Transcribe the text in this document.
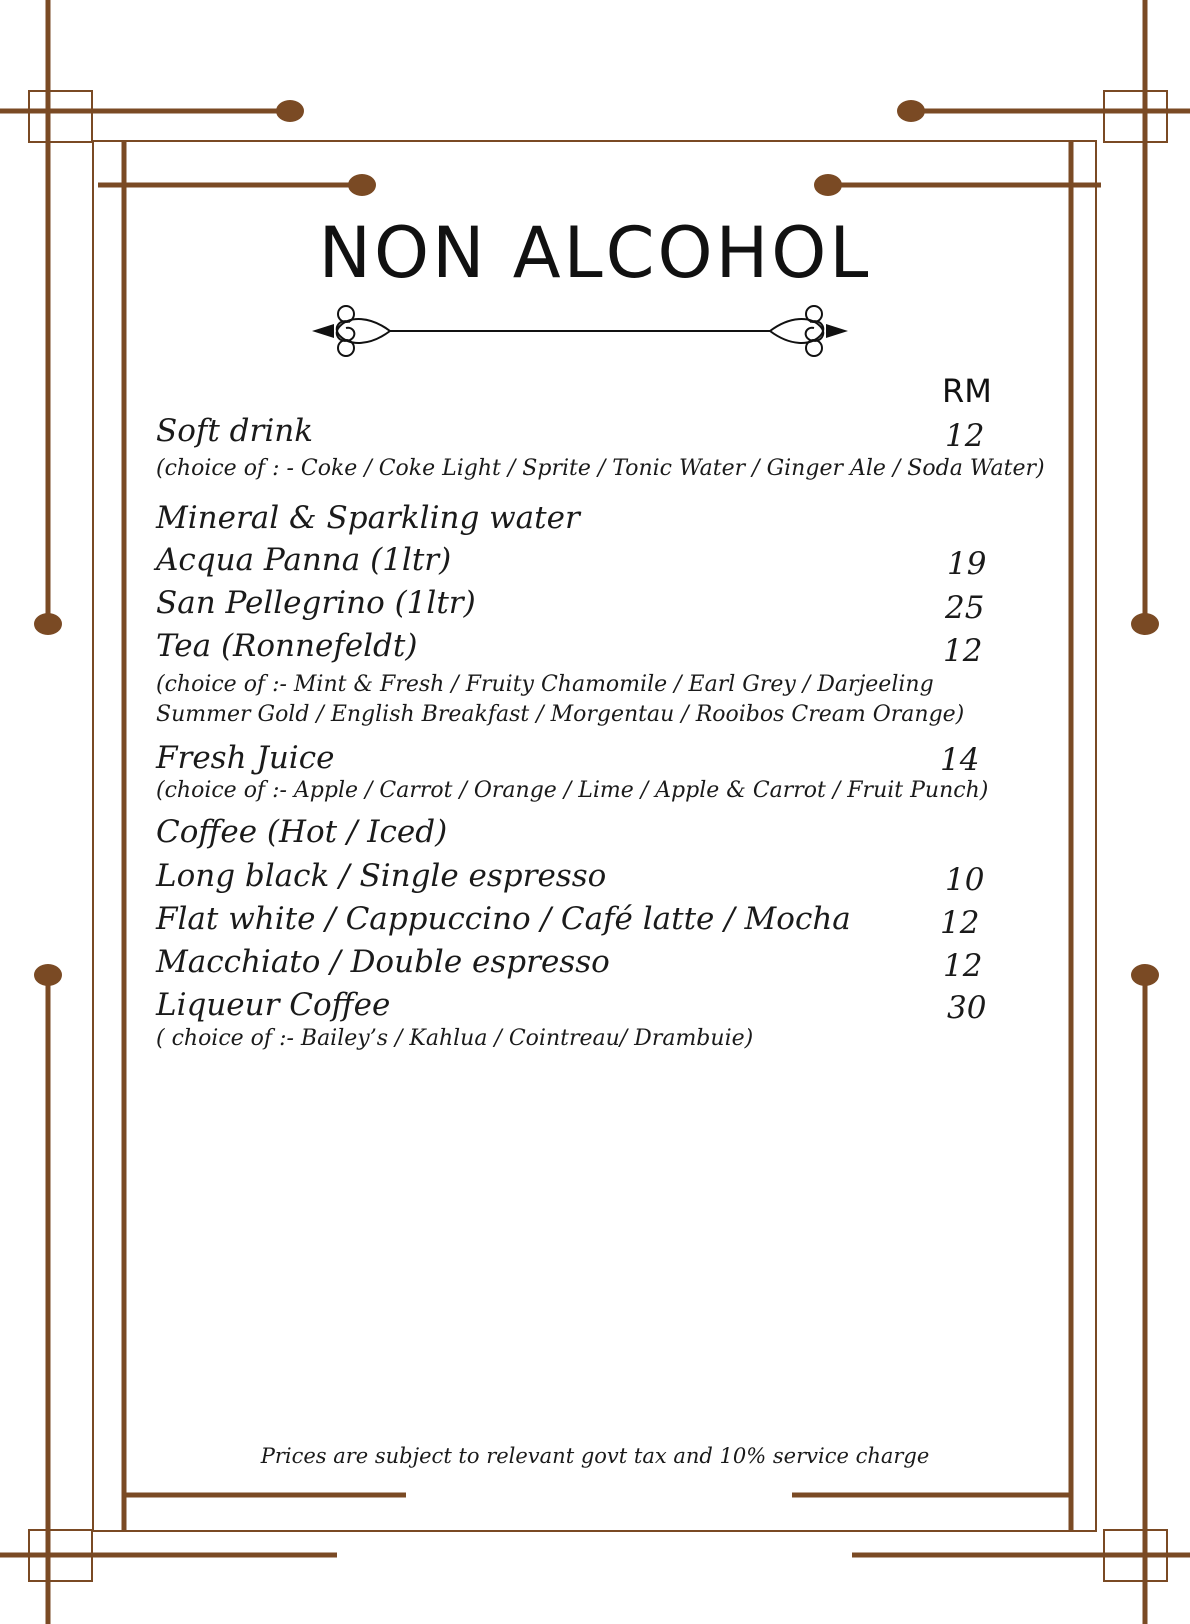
NON ALCOHOL
RM
Soft drink	12
(choice of : - Coke / Coke Light / Sprite / Tonic Water / Ginger Ale / Soda Water)
Mineral & Sparkling water
Acqua Panna (1ltr)	19
San Pellegrino (1ltr)	25
Tea (Ronnefeldt)	12
(choice of :- Mint & Fresh / Fruity Chamomile / Earl Grey / Darjeeling
Summer Gold / English Breakfast / Morgentau / Rooibos Cream Orange)
Fresh Juice	14
(choice of :- Apple / Carrot / Orange / Lime / Apple & Carrot / Fruit Punch)
Coffee (Hot / Iced)
Long black / Single espresso	10
Flat white / Cappuccino / Café latte / Mocha	12
Macchiato / Double espresso	12
Liqueur Coffee	30
( choice of :- Bailey’s / Kahlua / Cointreau/ Drambuie)
Prices are subject to relevant govt tax and 10% service charge
